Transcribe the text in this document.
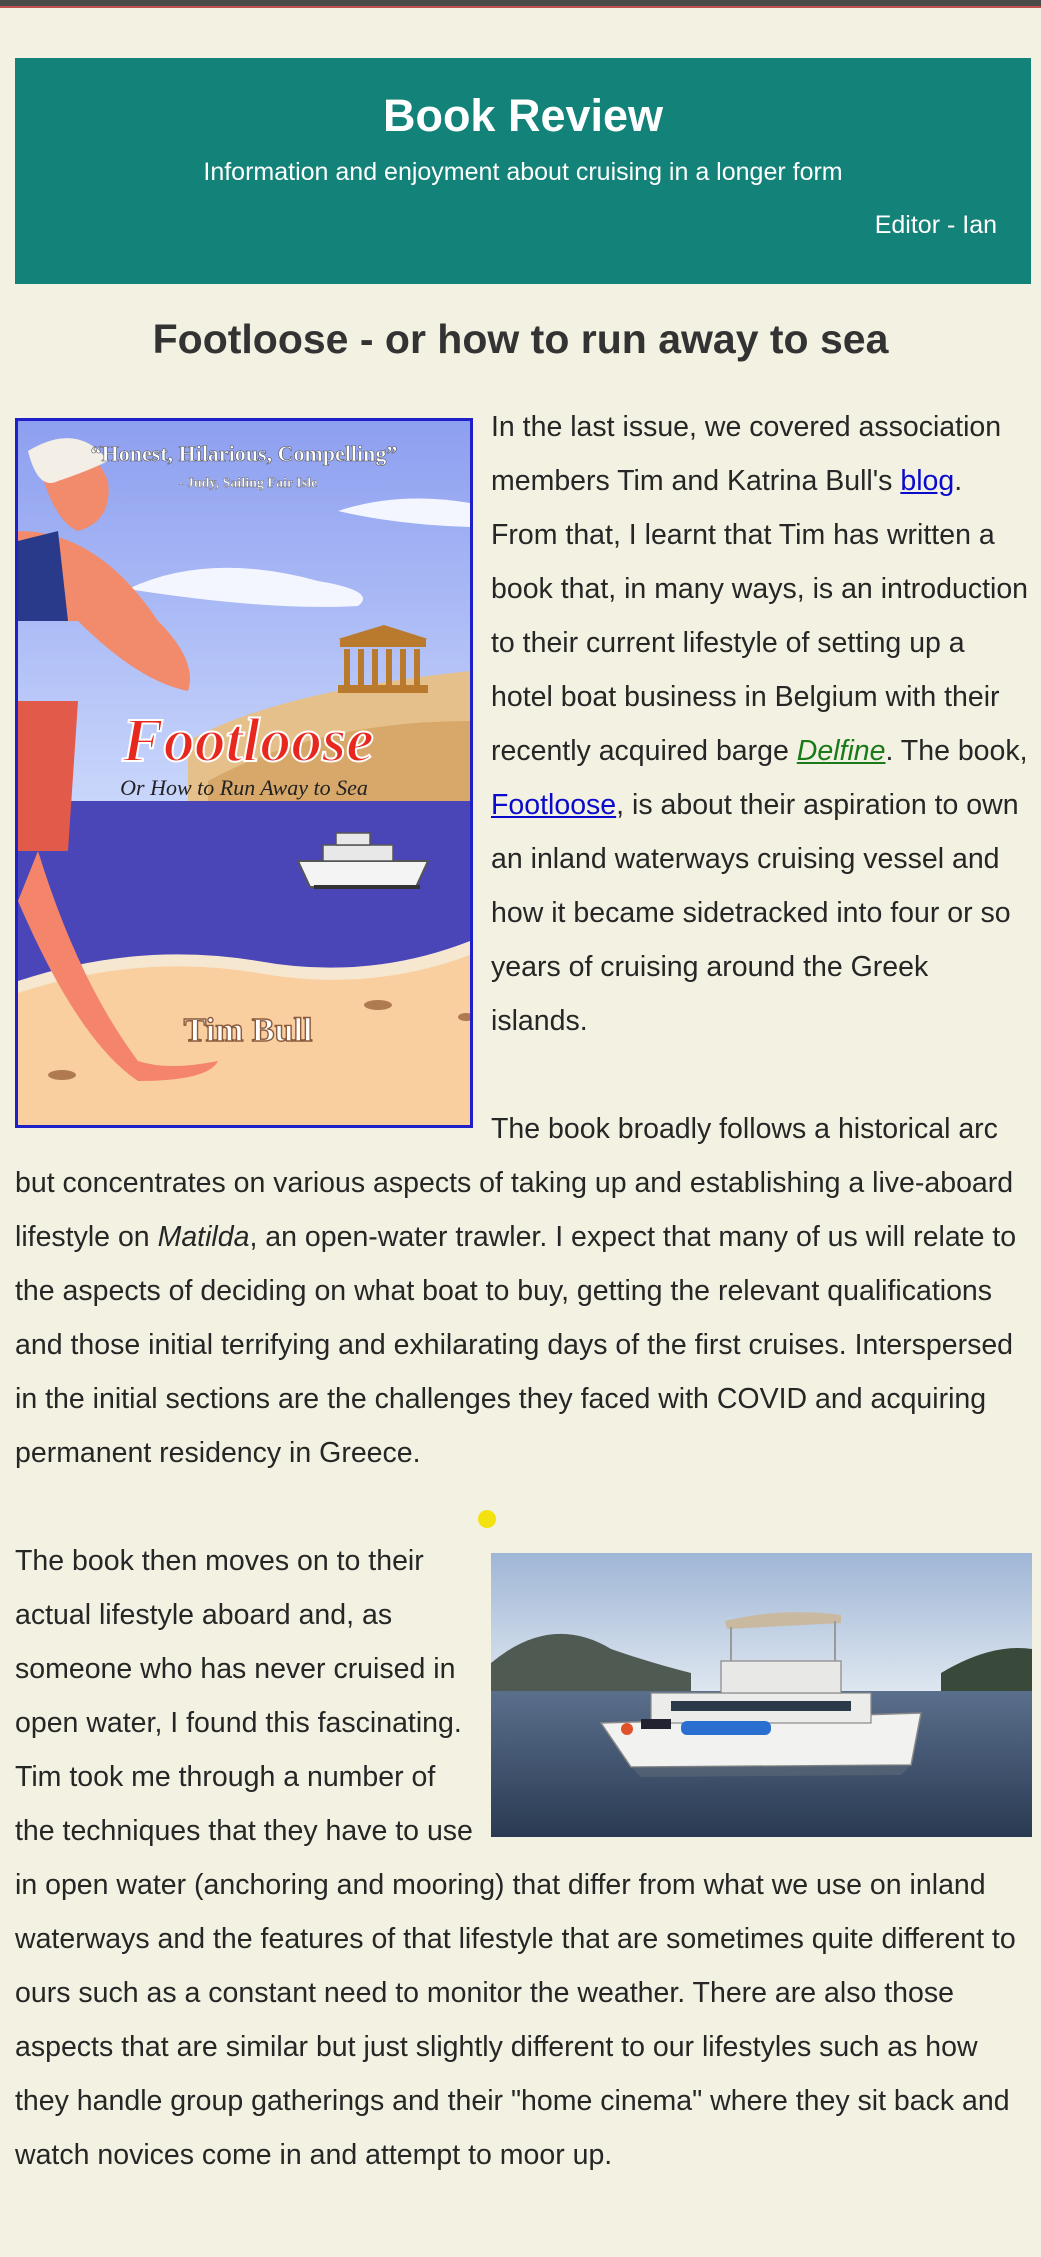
Book Review
Information and enjoyment about cruising in a longer form
Editor - Ian
Footloose - or how to run away to sea
“Honest, Hilarious, Compelling”
- Judy, Sailing Fair Isle
Footloose
Or How to Run Away to Sea
Tim Bull
In the last issue, we covered association members Tim and Katrina Bull's blog. From that, I learnt that Tim has written a book that, in many ways, is an introduction to their current lifestyle of setting up a hotel boat business in Belgium with their recently acquired barge Delfine. The book, Footloose, is about their aspiration to own an inland waterways cruising vessel and how it became sidetracked into four or so years of cruising around the Greek islands.
The book broadly follows a historical arc but concentrates on various aspects of taking up and establishing a live-aboard lifestyle on Matilda, an open-water trawler. I expect that many of us will relate to the aspects of deciding on what boat to buy, getting the relevant qualifications and those initial terrifying and exhilarating days of the first cruises. Interspersed in the initial sections are the challenges they faced with COVID and acquiring permanent residency in Greece.
The book then moves on to their actual lifestyle aboard and, as someone who has never cruised in open water, I found this fascinating. Tim took me through a number of the techniques that they have to use in open water (anchoring and mooring) that differ from what we use on inland waterways and the features of that lifestyle that are sometimes quite different to ours such as a constant need to monitor the weather. There are also those aspects that are similar but just slightly different to our lifestyles such as how they handle group gatherings and their "home cinema" where they sit back and watch novices come in and attempt to moor up.
